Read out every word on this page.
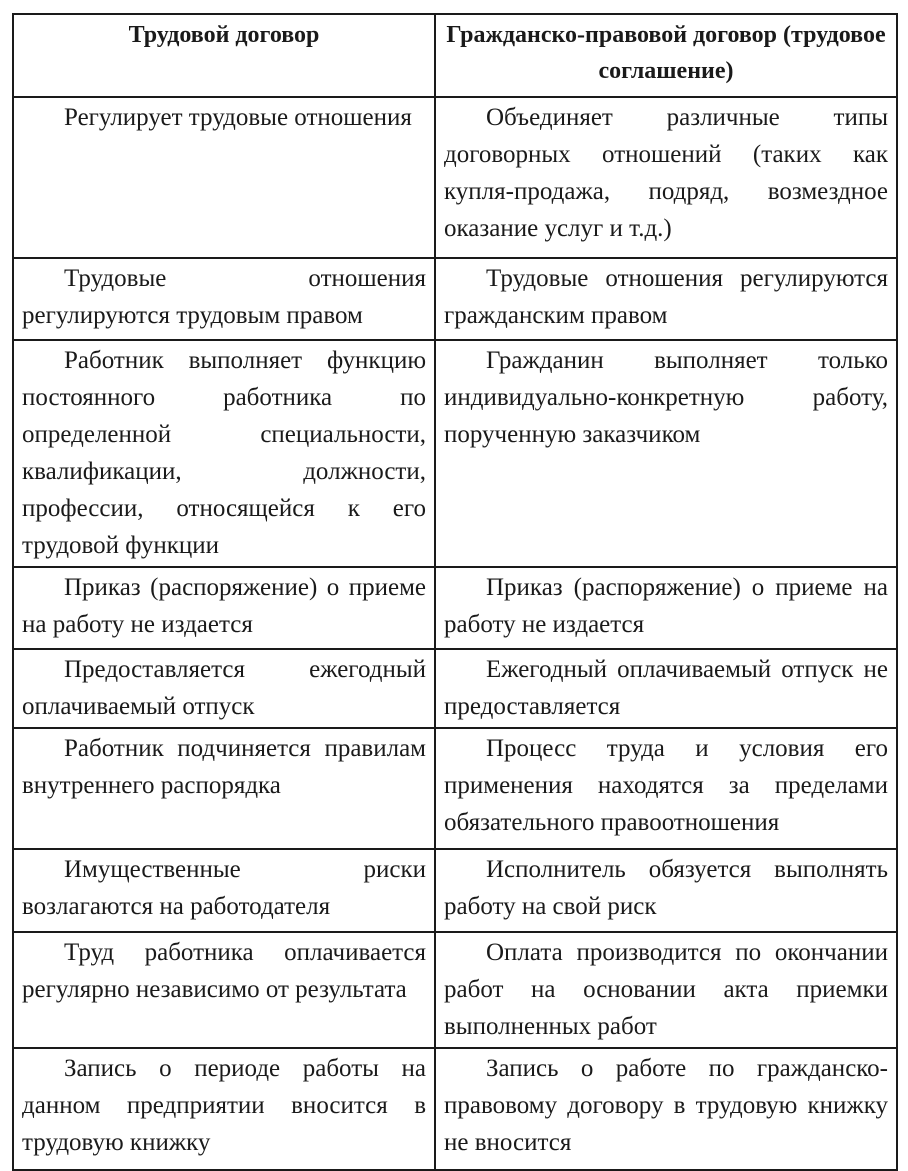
Трудовой договор	Гражданско-правовой договор (трудовое соглашение)

Регулирует трудовые отношения	Объединяет различные типы договорных отношений (таких как купля-продажа, подряд, возмездное оказание услуг и т.д.)

Трудовые отношения регулируются трудовым правом	Трудовые отношения регулируются гражданским правом

Работник выполняет функцию постоянного работника по определенной специальности, квалификации, должности, профессии, относящейся к его трудовой функции	Гражданин выполняет только индивидуально-конкретную работу, порученную заказчиком

Приказ (распоряжение) о приеме на работу не издается	Приказ (распоряжение) о приеме на работу не издается

Предоставляется ежегодный оплачиваемый отпуск	Ежегодный оплачиваемый отпуск не предоставляется

Работник подчиняется правилам внутреннего распорядка	Процесс труда и условия его применения находятся за пределами обязательного правоотношения

Имущественные риски возлагаются на работодателя	Исполнитель обязуется выполнять работу на свой риск

Труд работника оплачивается регулярно независимо от результата	Оплата производится по окончании работ на основании акта приемки выполненных работ

Запись о периоде работы на данном предприятии вносится в трудовую книжку	Запись о работе по гражданско-правовому договору в трудовую книжку не вносится
